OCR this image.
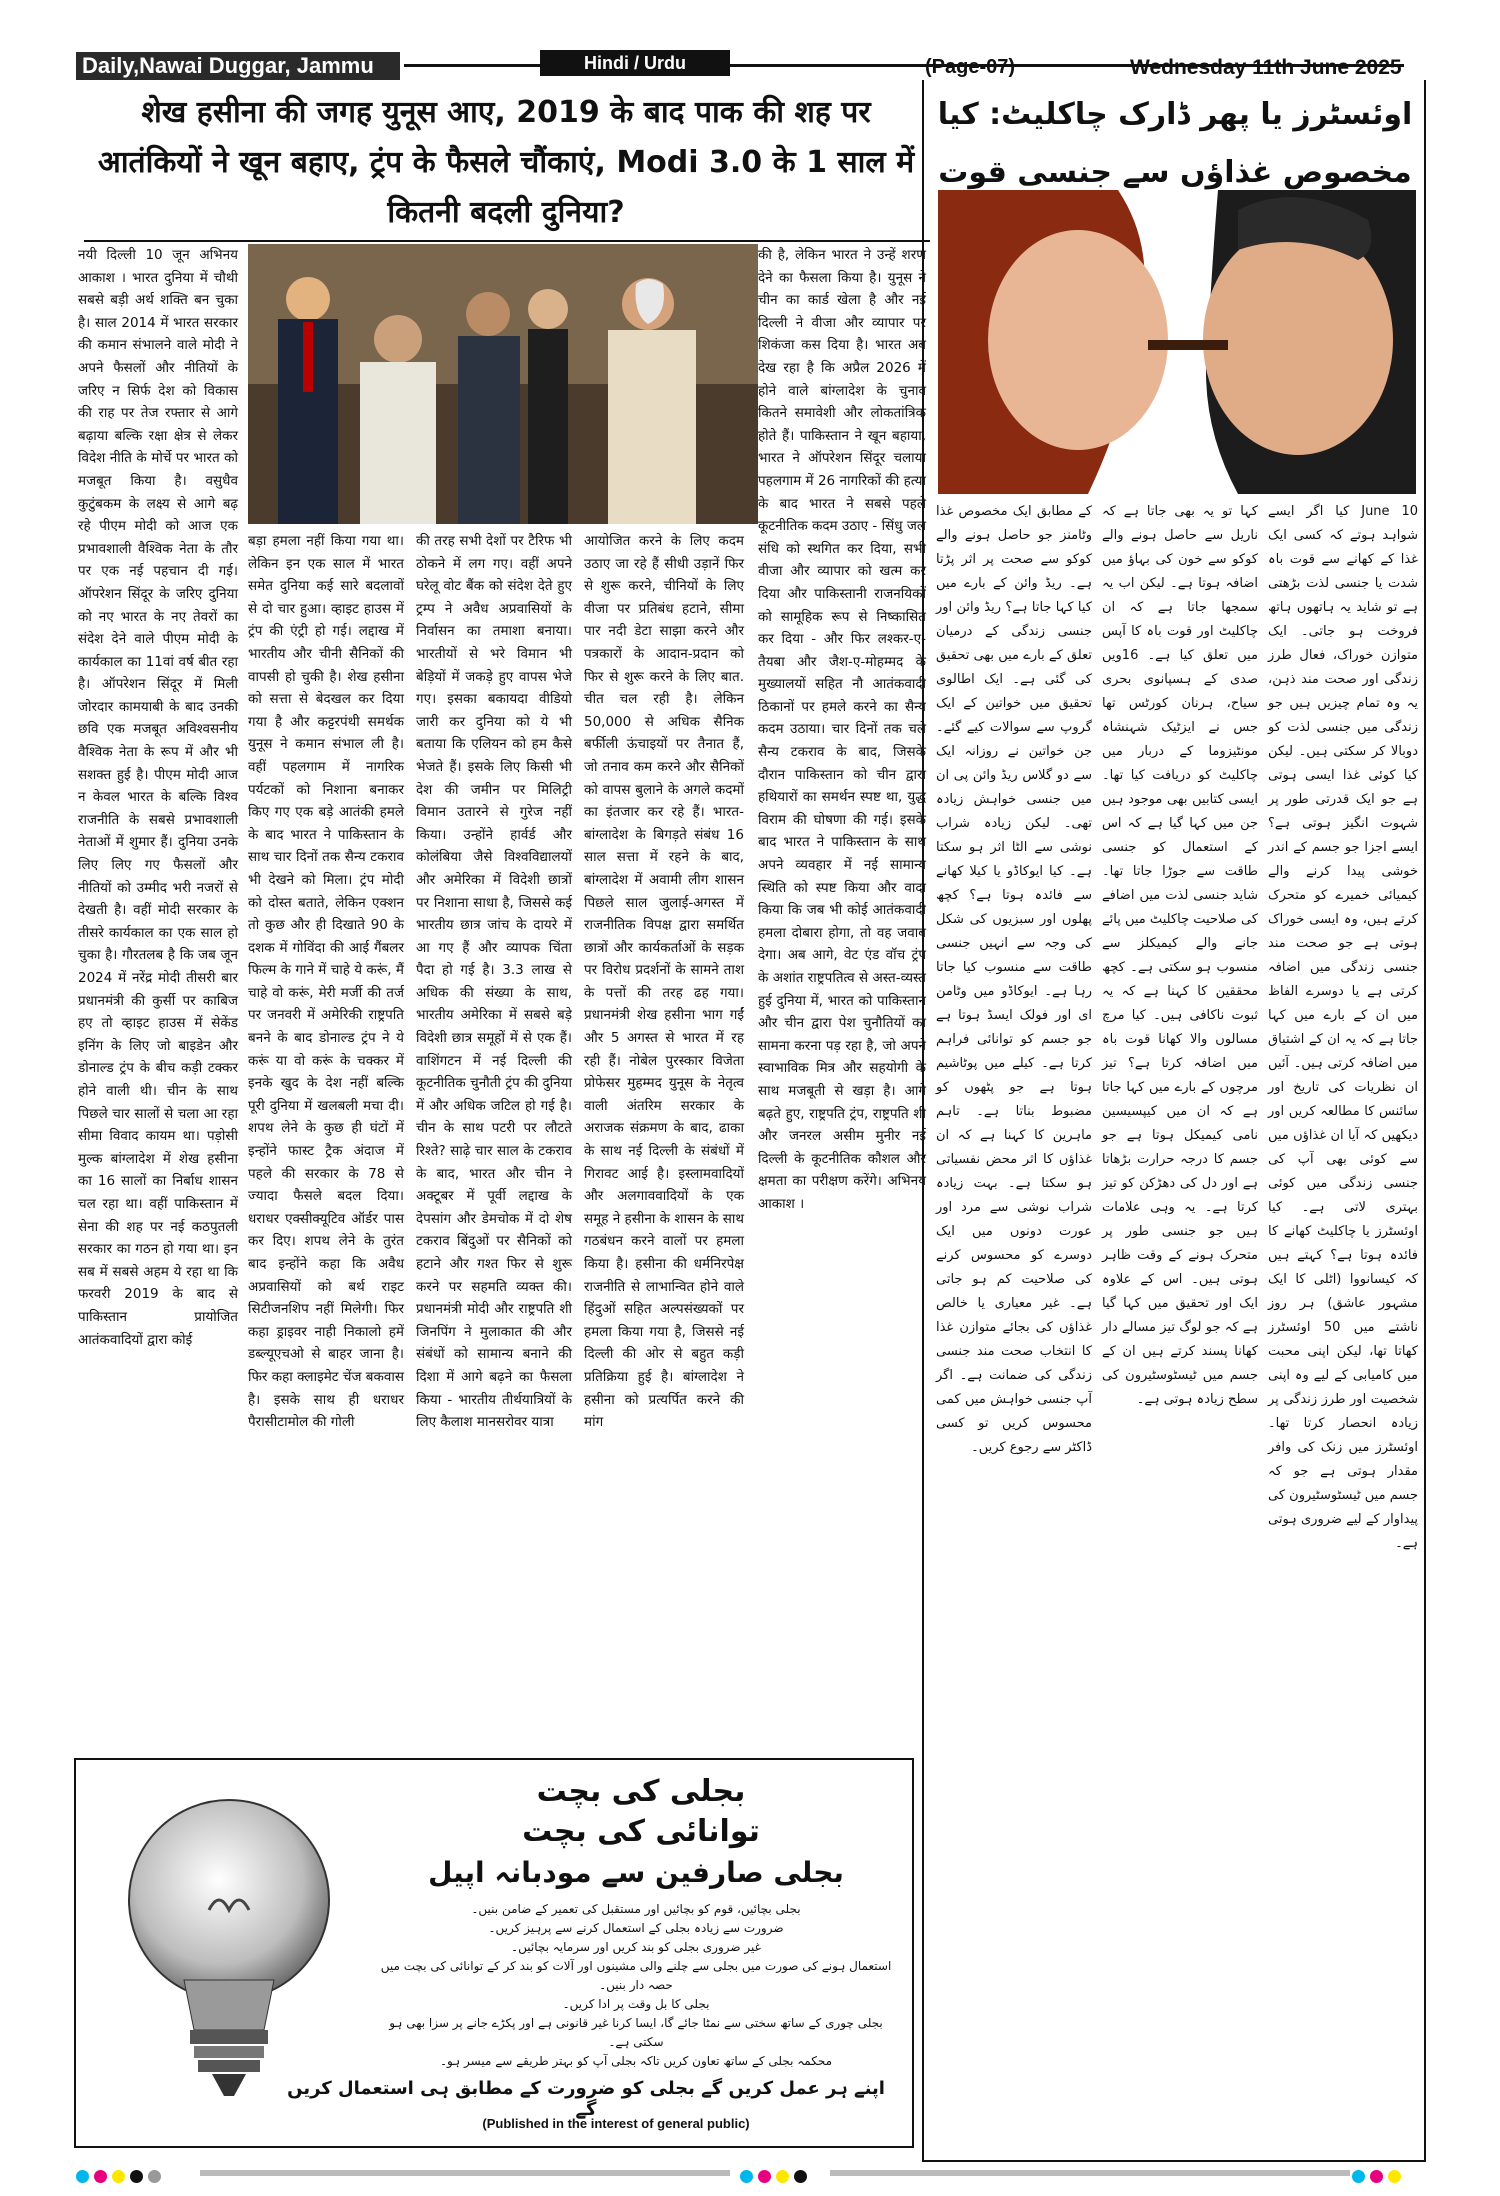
Daily,Nawai Duggar, Jammu	Hindi / Urdu	(Page-07)	Wednesday 11th June 2025
शेख हसीना की जगह युनूस आए, 2019 के बाद पाक की शह पर आतंकियों ने खून बहाए, ट्रंप के फैसले चौंकाएं, Modi 3.0 के 1 साल में कितनी बदली दुनिया?
नयी दिल्ली 10 जून अभिनय आकाश । भारत दुनिया में चौथी सबसे बड़ी अर्थ शक्ति बन चुका है। साल 2014 में भारत सरकार की कमान संभालने वाले मोदी ने अपने फैसलों और नीतियों के जरिए न सिर्फ देश को विकास की राह पर तेज रफ्तार से आगे बढ़ाया बल्कि रक्षा क्षेत्र से लेकर विदेश नीति के मोर्चे पर भारत को मजबूत किया है। वसुधैव कुटुंबकम के लक्ष्य से आगे बढ़ रहे पीएम मोदी को आज एक प्रभावशाली वैश्विक नेता के तौर पर एक नई पहचान दी गई। ऑपरेशन सिंदूर के जरिए दुनिया को नए भारत के नए तेवरों का संदेश देने वाले पीएम मोदी के कार्यकाल का 11वां वर्ष बीत रहा है। ऑपरेशन सिंदूर में मिली जोरदार कामयाबी के बाद उनकी छवि एक मजबूत अविश्वसनीय वैश्विक नेता के रूप में और भी सशक्त हुई है। पीएम मोदी आज न केवल भारत के बल्कि विश्व राजनीति के सबसे प्रभावशाली नेताओं में शुमार हैं। दुनिया उनके लिए लिए गए फैसलों और नीतियों को उम्मीद भरी नजरों से देखती है। वहीं मोदी सरकार के तीसरे कार्यकाल का एक साल हो चुका है। गौरतलब है कि जब जून 2024 में नरेंद्र मोदी तीसरी बार प्रधानमंत्री की कुर्सी पर काबिज हए तो व्हाइट हाउस में सेकेंड इनिंग के लिए जो बाइडेन और डोनाल्ड ट्रंप के बीच कड़ी टक्कर होने वाली थी। चीन के साथ पिछले चार सालों से चला आ रहा सीमा विवाद कायम था। पड़ोसी मुल्क बांग्लादेश में शेख हसीना का 16 सालों का निर्बाध शासन चल रहा था। वहीं पाकिस्तान में सेना की शह पर नई कठपुतली सरकार का गठन हो गया था। इन सब में सबसे अहम ये रहा था कि फरवरी 2019 के बाद से पाकिस्तान प्रायोजित आतंकवादियों द्वारा कोई
बड़ा हमला नहीं किया गया था। लेकिन इन एक साल में भारत समेत दुनिया कई सारे बदलावों से दो चार हुआ। व्हाइट हाउस में ट्रंप की एंट्री हो गई। लद्दाख में भारतीय और चीनी सैनिकों की वापसी हो चुकी है। शेख हसीना को सत्ता से बेदखल कर दिया गया है और कट्टरपंथी समर्थक युनूस ने कमान संभाल ली है। वहीं पहलगाम में नागरिक पर्यटकों को निशाना बनाकर किए गए एक बड़े आतंकी हमले के बाद भारत ने पाकिस्तान के साथ चार दिनों तक सैन्य टकराव भी देखने को मिला। ट्रंप मोदी को दोस्त बताते, लेकिन एक्शन तो कुछ और ही दिखाते 90 के दशक में गोविंदा की आई गैंबलर फिल्म के गाने में चाहे ये करूं, मैं चाहे वो करूं, मेरी मर्जी की तर्ज पर जनवरी में अमेरिकी राष्ट्रपति बनने के बाद डोनाल्ड ट्रंप ने ये करूं या वो करूं के चक्कर में इनके खुद के देश नहीं बल्कि पूरी दुनिया में खलबली मचा दी। शपथ लेने के कुछ ही घंटों में इन्होंने फास्ट ट्रैक अंदाज में पहले की सरकार के 78 से ज्यादा फैसले बदल दिया। धराधर एक्सीक्यूटिव ऑर्डर पास कर दिए। शपथ लेने के तुरंत बाद इन्होंने कहा कि अवैध अप्रवासियों को बर्थ राइट सिटीजनशिप नहीं मिलेगी। फिर कहा ड्राइवर नाही निकालो हमें डब्ल्यूएचओ से बाहर जाना है। फिर कहा क्लाइमेट चेंज बकवास है। इसके साथ ही धराधर पैरासीटामोल की गोली
की तरह सभी देशों पर टैरिफ भी ठोकने में लग गए। वहीं अपने घरेलू वोट बैंक को संदेश देते हुए ट्रम्प ने अवैध अप्रवासियों के निर्वासन का तमाशा बनाया। भारतीयों से भरे विमान भी बेड़ियों में जकड़े हुए वापस भेजे गए। इसका बकायदा वीडियो जारी कर दुनिया को ये भी बताया कि एलियन को हम कैसे भेजते हैं। इसके लिए किसी भी देश की जमीन पर मिलिट्री विमान उतारने से गुरेज नहीं किया। उन्होंने हार्वर्ड और कोलंबिया जैसे विश्वविद्यालयों और अमेरिका में विदेशी छात्रों पर निशाना साधा है, जिससे कई भारतीय छात्र जांच के दायरे में आ गए हैं और व्यापक चिंता पैदा हो गई है। 3.3 लाख से अधिक की संख्या के साथ, भारतीय अमेरिका में सबसे बड़े विदेशी छात्र समूहों में से एक हैं। वाशिंगटन में नई दिल्ली की कूटनीतिक चुनौती ट्रंप की दुनिया में और अधिक जटिल हो गई है। चीन के साथ पटरी पर लौटते रिश्ते? साढ़े चार साल के टकराव के बाद, भारत और चीन ने अक्टूबर में पूर्वी लद्दाख के देपसांग और डेमचोक में दो शेष टकराव बिंदुओं पर सैनिकों को हटाने और गश्त फिर से शुरू करने पर सहमति व्यक्त की। प्रधानमंत्री मोदी और राष्ट्रपति शी जिनपिंग ने मुलाकात की और संबंधों को सामान्य बनाने की दिशा में आगे बढ़ने का फैसला किया - भारतीय तीर्थयात्रियों के लिए कैलाश मानसरोवर यात्रा
आयोजित करने के लिए कदम उठाए जा रहे हैं सीधी उड़ानें फिर से शुरू करने, चीनियों के लिए वीजा पर प्रतिबंध हटाने, सीमा पार नदी डेटा साझा करने और पत्रकारों के आदान-प्रदान को फिर से शुरू करने के लिए बात. चीत चल रही है। लेकिन 50,000 से अधिक सैनिक बर्फीली ऊंचाइयों पर तैनात हैं, जो तनाव कम करने और सैनिकों को वापस बुलाने के अगले कदमों का इंतजार कर रहे हैं। भारत-बांग्लादेश के बिगड़ते संबंध 16 साल सत्ता में रहने के बाद, बांग्लादेश में अवामी लीग शासन पिछले साल जुलाई-अगस्त में राजनीतिक विपक्ष द्वारा समर्थित छात्रों और कार्यकर्ताओं के सड़क पर विरोध प्रदर्शनों के सामने ताश के पत्तों की तरह ढह गया। प्रधानमंत्री शेख हसीना भाग गईं और 5 अगस्त से भारत में रह रही हैं। नोबेल पुरस्कार विजेता प्रोफेसर मुहम्मद युनूस के नेतृत्व वाली अंतरिम सरकार के अराजक संक्रमण के बाद, ढाका के साथ नई दिल्ली के संबंधों में गिरावट आई है। इस्लामवादियों और अलगाववादियों के एक समूह ने हसीना के शासन के साथ गठबंधन करने वालों पर हमला किया है। हसीना की धर्मनिरपेक्ष राजनीति से लाभान्वित होने वाले हिंदुओं सहित अल्पसंख्यकों पर हमला किया गया है, जिससे नई दिल्ली की ओर से बहुत कड़ी प्रतिक्रिया हुई है। बांग्लादेश ने हसीना को प्रत्यर्पित करने की मांग
की है, लेकिन भारत ने उन्हें शरण देने का फैसला किया है। युनूस ने चीन का कार्ड खेला है और नई दिल्ली ने वीजा और व्यापार पर शिकंजा कस दिया है। भारत अब देख रहा है कि अप्रैल 2026 में होने वाले बांग्लादेश के चुनाव कितने समावेशी और लोकतांत्रिक होते हैं। पाकिस्तान ने खून बहाया, भारत ने ऑपरेशन सिंदूर चलाया पहलगाम में 26 नागरिकों की हत्या के बाद भारत ने सबसे पहले कूटनीतिक कदम उठाए - सिंधु जल संधि को स्थगित कर दिया, सभी वीजा और व्यापार को खत्म कर दिया और पाकिस्तानी राजनयिकों को सामूहिक रूप से निष्कासित कर दिया - और फिर लश्कर-ए-तैयबा और जैश-ए-मोहम्मद के मुख्यालयों सहित नौ आतंकवादी ठिकानों पर हमले करने का सैन्य कदम उठाया। चार दिनों तक चले सैन्य टकराव के बाद, जिसके दौरान पाकिस्तान को चीन द्वारा हथियारों का समर्थन स्पष्ट था, युद्ध विराम की घोषणा की गई। इसके बाद भारत ने पाकिस्तान के साथ अपने व्यवहार में नई सामान्य स्थिति को स्पष्ट किया और वादा किया कि जब भी कोई आतंकवादी हमला दोबारा होगा, तो वह जवाब देगा। अब आगे, वेट एंड वॉच ट्रंप के अशांत राष्ट्रपतित्व से अस्त-व्यस्त हुई दुनिया में, भारत को पाकिस्तान और चीन द्वारा पेश चुनौतियों का सामना करना पड़ रहा है, जो अपने स्वाभाविक मित्र और सहयोगी के साथ मजबूती से खड़ा है। आगे बढ़ते हुए, राष्ट्रपति ट्रंप, राष्ट्रपति शी और जनरल असीम मुनीर नई दिल्ली के कूटनीतिक कौशल और क्षमता का परीक्षण करेंगे। अभिनय आकाश ।
اوئسٹرز یا پھر ڈارک چاکلیٹ: کیا مخصوص غذاؤں سے جنسی قوت
10 June کیا اگر ایسے شواہد ہوتے کہ کسی ایک غذا کے کھانے سے قوت باہ شدت یا جنسی لذت بڑھتی ہے تو شاید یہ ہاتھوں ہاتھ فروخت ہو جاتی۔ ایک متوازن خوراک، فعال طرز زندگی اور صحت مند ذہن، یہ وہ تمام چیزیں ہیں جو زندگی میں جنسی لذت کو دوبالا کر سکتی ہیں۔ لیکن کیا کوئی غذا ایسی ہوتی ہے جو ایک قدرتی طور پر شہوت انگیز ہوتی ہے؟ ایسے اجزا جو جسم کے اندر خوشی پیدا کرنے والے کیمیائی خمیرے کو متحرک کرتے ہیں، وہ ایسی خوراک ہوتی ہے جو صحت مند جنسی زندگی میں اضافہ کرتی ہے یا دوسرے الفاظ میں ان کے بارے میں کہا جاتا ہے کہ یہ ان کے اشتیاق میں اضافہ کرتی ہیں۔ آئیں ان نظریات کی تاریخ اور سائنس کا مطالعہ کریں اور دیکھیں کہ آیا ان غذاؤں میں سے کوئی بھی آپ کی جنسی زندگی میں کوئی بہتری لاتی ہے۔ کیا اوئسٹرز یا چاکلیٹ کھانے کا فائدہ ہوتا ہے؟ کہتے ہیں کہ کیسانووا (اٹلی کا ایک مشہور عاشق) ہر روز ناشتے میں 50 اوئسٹرز کھاتا تھا، لیکن اپنی محبت میں کامیابی کے لیے وہ اپنی شخصیت اور طرز زندگی پر زیادہ انحصار کرتا تھا۔ اوئسٹرز میں زنک کی وافر مقدار ہوتی ہے جو کہ جسم میں ٹیسٹوسٹیرون کی پیداوار کے لیے ضروری ہوتی ہے۔
کہا تو یہ بھی جاتا ہے کہ ناریل سے حاصل ہونے والے کوکو سے خون کی بہاؤ میں اضافہ ہوتا ہے۔ لیکن اب یہ سمجھا جاتا ہے کہ ان چاکلیٹ اور قوت باہ کا آپس میں تعلق کیا ہے۔ 16ویں صدی کے ہسپانوی بحری سیاح، ہرنان کورٹس تھا جس نے ایزٹیک شہنشاہ مونٹیزوما کے دربار میں چاکلیٹ کو دریافت کیا تھا۔ ایسی کتابیں بھی موجود ہیں جن میں کہا گیا ہے کہ اس کے استعمال کو جنسی طاقت سے جوڑا جاتا تھا۔ شاید جنسی لذت میں اضافے کی صلاحیت چاکلیٹ میں پائے جانے والے کیمیکلز سے منسوب ہو سکتی ہے۔ کچھ محققین کا کہنا ہے کہ یہ ثبوت ناکافی ہیں۔ کیا مرچ مسالوں والا کھانا قوت باہ میں اضافہ کرتا ہے؟ تیز مرچوں کے بارے میں کہا جاتا ہے کہ ان میں کیپسیسین نامی کیمیکل ہوتا ہے جو جسم کا درجہ حرارت بڑھاتا ہے اور دل کی دھڑکن کو تیز کرتا ہے۔ یہ وہی علامات ہیں جو جنسی طور پر متحرک ہونے کے وقت ظاہر ہوتی ہیں۔ اس کے علاوہ ایک اور تحقیق میں کہا گیا ہے کہ جو لوگ تیز مسالے دار کھانا پسند کرتے ہیں ان کے جسم میں ٹیسٹوسٹیرون کی سطح زیادہ ہوتی ہے۔
کے مطابق ایک مخصوص غذا وٹامنز جو حاصل ہونے والے کوکو سے صحت پر اثر پڑتا ہے۔ ریڈ وائن کے بارے میں کیا کہا جاتا ہے؟ ریڈ وائن اور جنسی زندگی کے درمیان تعلق کے بارے میں بھی تحقیق کی گئی ہے۔ ایک اطالوی تحقیق میں خواتین کے ایک گروپ سے سوالات کیے گئے۔ جن خواتین نے روزانہ ایک سے دو گلاس ریڈ وائن پی ان میں جنسی خواہش زیادہ تھی۔ لیکن زیادہ شراب نوشی سے الٹا اثر ہو سکتا ہے۔ کیا ایوکاڈو یا کیلا کھانے سے فائدہ ہوتا ہے؟ کچھ پھلوں اور سبزیوں کی شکل کی وجہ سے انہیں جنسی طاقت سے منسوب کیا جاتا رہا ہے۔ ایوکاڈو میں وٹامن ای اور فولک ایسڈ ہوتا ہے جو جسم کو توانائی فراہم کرتا ہے۔ کیلے میں پوٹاشیم ہوتا ہے جو پٹھوں کو مضبوط بناتا ہے۔ تاہم ماہرین کا کہنا ہے کہ ان غذاؤں کا اثر محض نفسیاتی ہو سکتا ہے۔ بہت زیادہ شراب نوشی سے مرد اور عورت دونوں میں ایک دوسرے کو محسوس کرنے کی صلاحیت کم ہو جاتی ہے۔ غیر معیاری یا خالص غذاؤں کی بجائے متوازن غذا کا انتخاب صحت مند جنسی زندگی کی ضمانت ہے۔ اگر آپ جنسی خواہش میں کمی محسوس کریں تو کسی ڈاکٹر سے رجوع کریں۔
بجلی کی بچت
توانائی کی بچت
بجلی صارفین سے مودبانہ اپیل
بجلی بچائیں، قوم کو بچائیں اور مستقبل کی تعمیر کے ضامن بنیں۔
ضرورت سے زیادہ بجلی کے استعمال کرنے سے پرہیز کریں۔
غیر ضروری بجلی کو بند کریں اور سرمایہ بچائیں۔
استعمال ہونے کی صورت میں بجلی سے چلنے والی مشینوں اور آلات کو بند کر کے توانائی کی بچت میں حصہ دار بنیں۔
بجلی کا بل وقت پر ادا کریں۔
بجلی چوری کے ساتھ سختی سے نمٹا جائے گا، ایسا کرنا غیر قانونی ہے اور پکڑے جانے پر سزا بھی ہو سکتی ہے۔
محکمہ بجلی کے ساتھ تعاون کریں تاکہ بجلی آپ کو بہتر طریقے سے میسر ہو۔
اپنے ہر عمل کریں گے بجلی کو ضرورت کے مطابق ہی استعمال کریں گے
(Published in the interest of general public)
